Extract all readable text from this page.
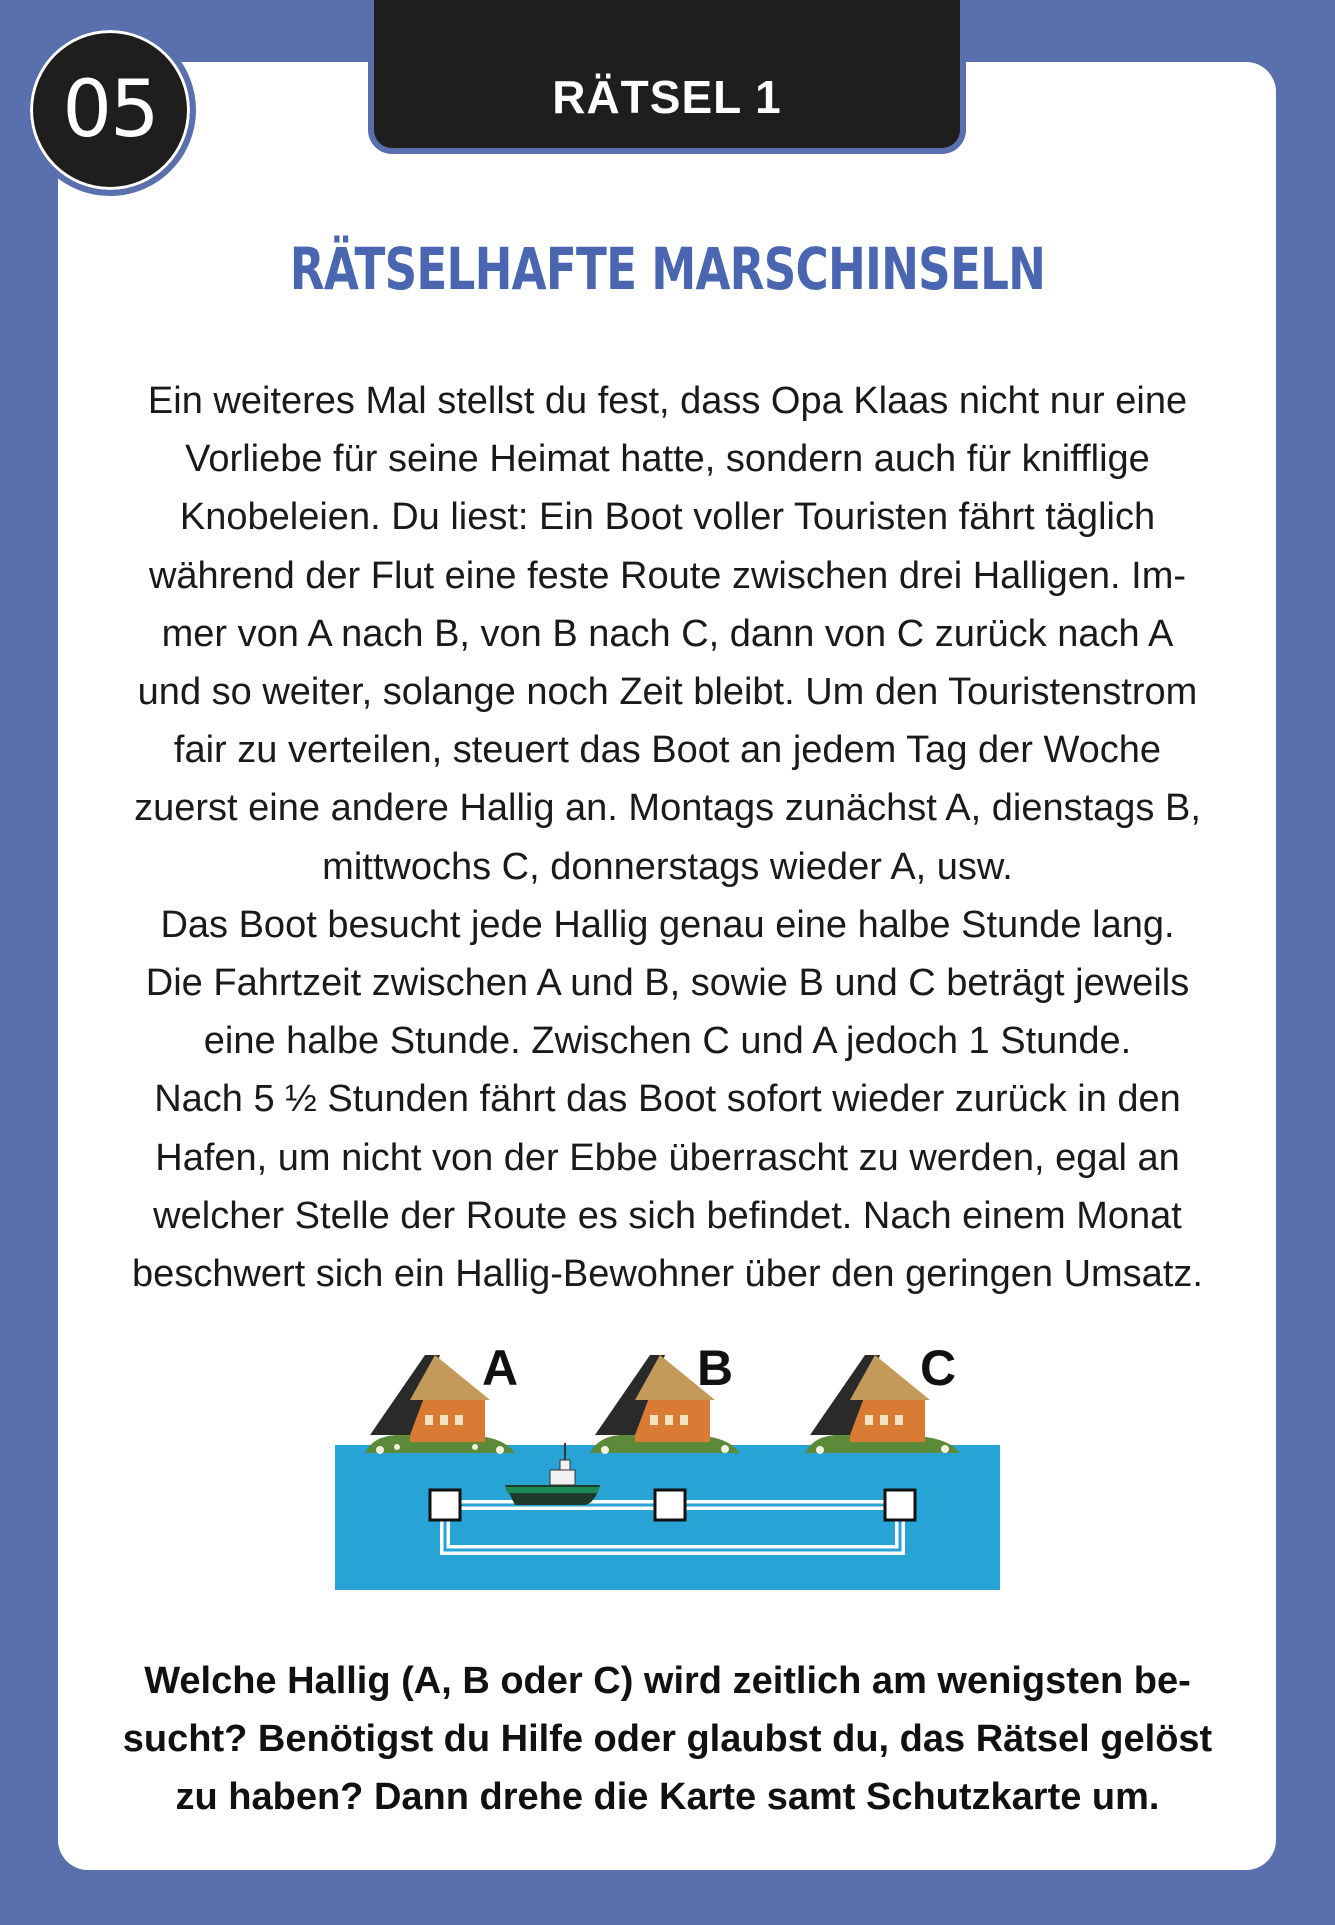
RÄTSEL 1
05
RÄTSELHAFTE MARSCHINSELN

Ein weiteres Mal stellst du fest, dass Opa Klaas nicht nur eine

Vorliebe für seine Heimat hatte, sondern auch für knifflige

Knobeleien. Du liest: Ein Boot voller Touristen fährt täglich

während der Flut eine feste Route zwischen drei Halligen. Im-

mer von A nach B, von B nach C, dann von C zurück nach A

und so weiter, solange noch Zeit bleibt. Um den Touristenstrom

fair zu verteilen, steuert das Boot an jedem Tag der Woche

zuerst eine andere Hallig an. Montags zunächst A, dienstags B,

mittwochs C, donnerstags wieder A, usw.

Das Boot besucht jede Hallig genau eine halbe Stunde lang.

Die Fahrtzeit zwischen A und B, sowie B und C beträgt jeweils

eine halbe Stunde. Zwischen C und A jedoch 1 Stunde.

Nach 5 ½ Stunden fährt das Boot sofort wieder zurück in den

Hafen, um nicht von der Ebbe überrascht zu werden, egal an

welcher Stelle der Route es sich befindet. Nach einem Monat

beschwert sich ein Hallig-Bewohner über den geringen Umsatz.

A	B	C

Welche Hallig (A, B oder C) wird zeitlich am wenigsten be-

sucht? Benötigst du Hilfe oder glaubst du, das Rätsel gelöst

zu haben? Dann drehe die Karte samt Schutzkarte um.
